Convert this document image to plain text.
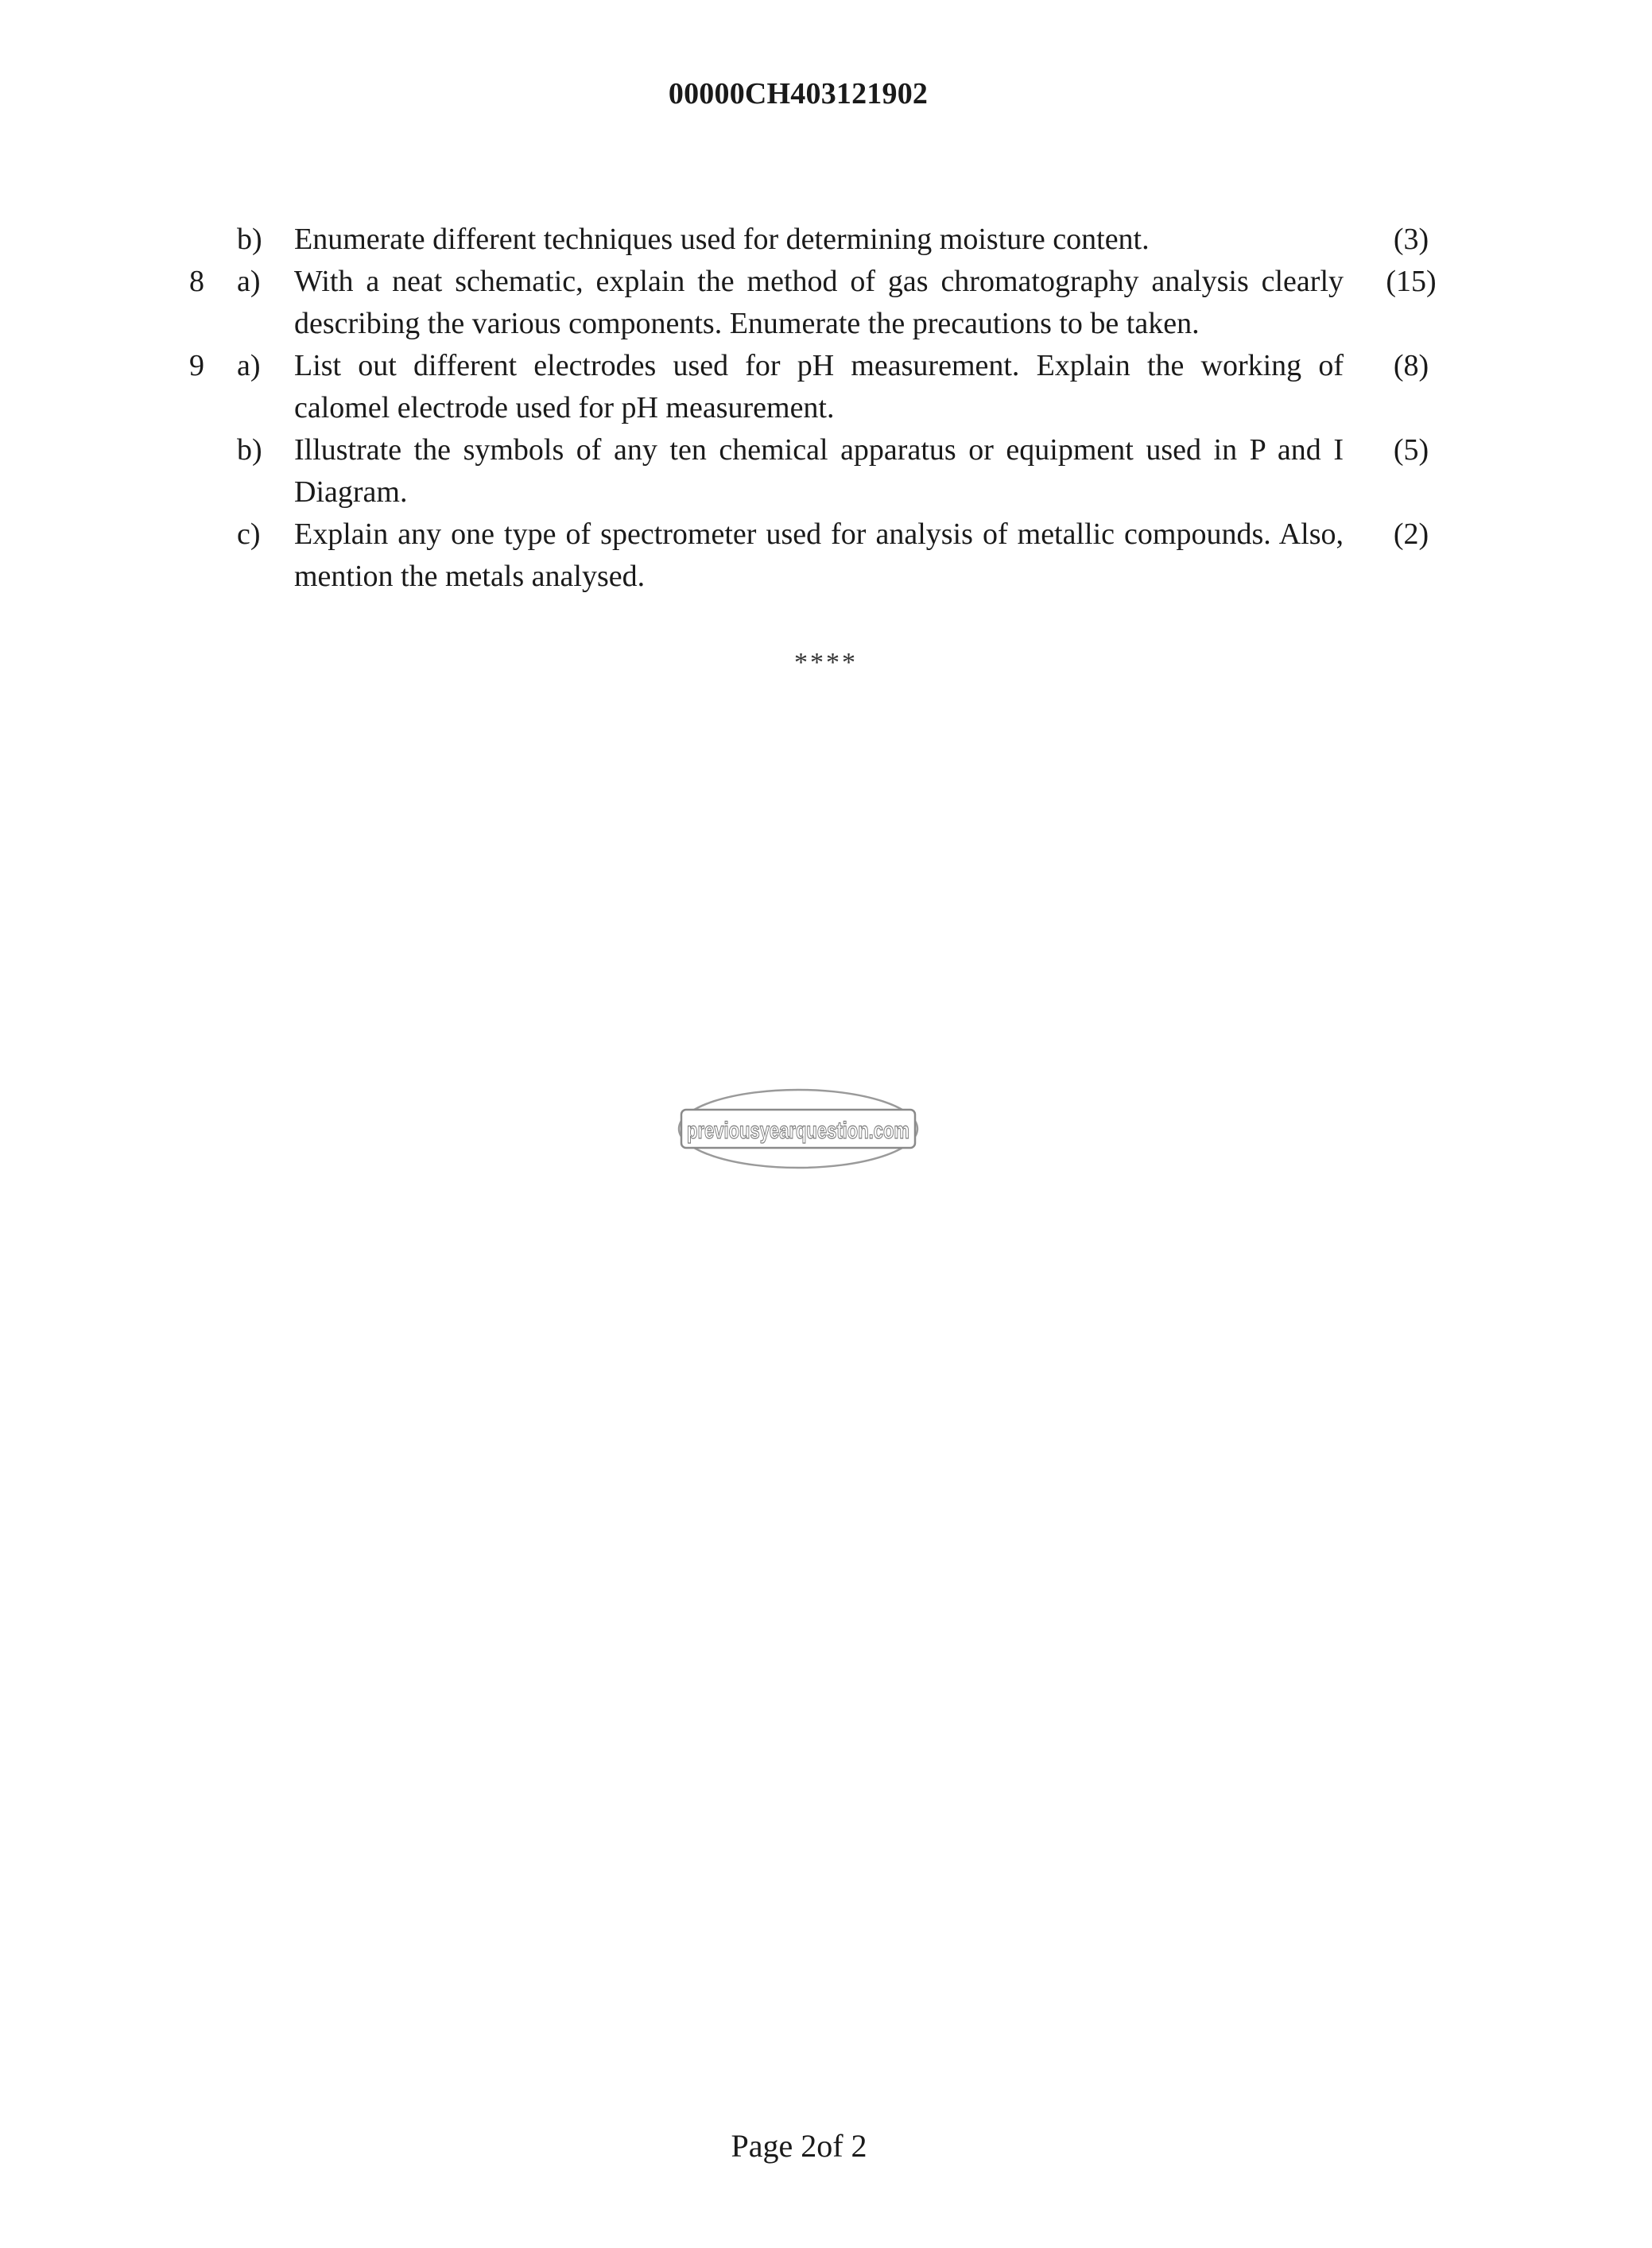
00000CH403121902
b) Enumerate different techniques used for determining moisture content.	(3)
8 a) With a neat schematic, explain the method of gas chromatography analysis clearly describing the various components. Enumerate the precautions to be taken.
(15)
9 a) List out different electrodes used for pH measurement. Explain the working of calomel electrode used for pH measurement.
(8)
b) Illustrate the symbols of any ten chemical apparatus or equipment used in P and I Diagram.
(5)
c) Explain any one type of spectrometer used for analysis of metallic compounds. Also, mention the metals analysed.
(2)
****
previousyearquestion.com
Page 2of 2
